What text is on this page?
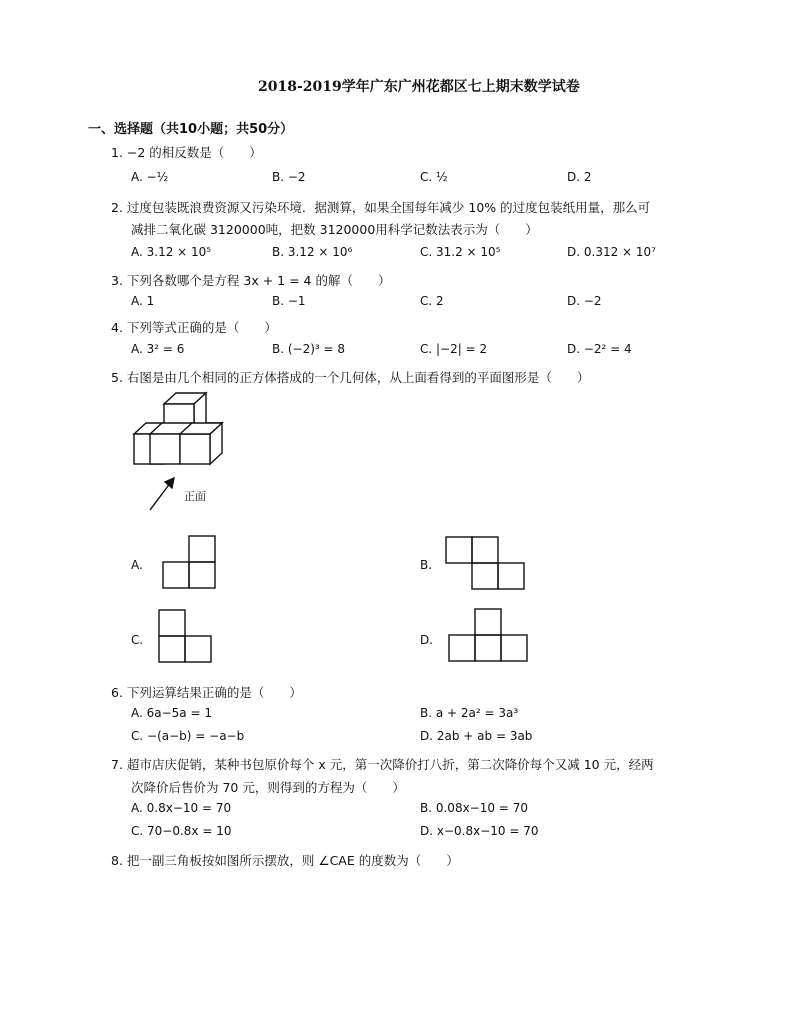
2018-2019学年广东广州花都区七上期末数学试卷
一、选择题（共10小题；共50分）
1. −2 的相反数是（　　）
A. −½	B. −2	C. ½	D. 2
2. 过度包装既浪费资源又污染环境．据测算，如果全国每年减少 10% 的过度包装纸用量，那么可
减排二氧化碳 3120000吨，把数 3120000用科学记数法表示为（　　）
A. 3.12 × 10⁵	B. 3.12 × 10⁶	C. 31.2 × 10⁵	D. 0.312 × 10⁷
3. 下列各数哪个是方程 3x + 1 = 4 的解（　　）
A. 1	B. −1	C. 2	D. −2
4. 下列等式正确的是（　　）
A. 3² = 6	B. (−2)³ = 8	C. |−2| = 2	D. −2² = 4
5. 右图是由几个相同的正方体搭成的一个几何体，从上面看得到的平面图形是（　　）
正面
A.	B.
C.	D.
6. 下列运算结果正确的是（　　）
A. 6a−5a = 1	B. a + 2a² = 3a³
C. −(a−b) = −a−b	D. 2ab + ab = 3ab
7. 超市店庆促销，某种书包原价每个 x 元，第一次降价打八折，第二次降价每个又减 10 元，经两
次降价后售价为 70 元，则得到的方程为（　　）
A. 0.8x−10 = 70	B. 0.08x−10 = 70
C. 70−0.8x = 10	D. x−0.8x−10 = 70
8. 把一副三角板按如图所示摆放，则 ∠CAE 的度数为（　　）
